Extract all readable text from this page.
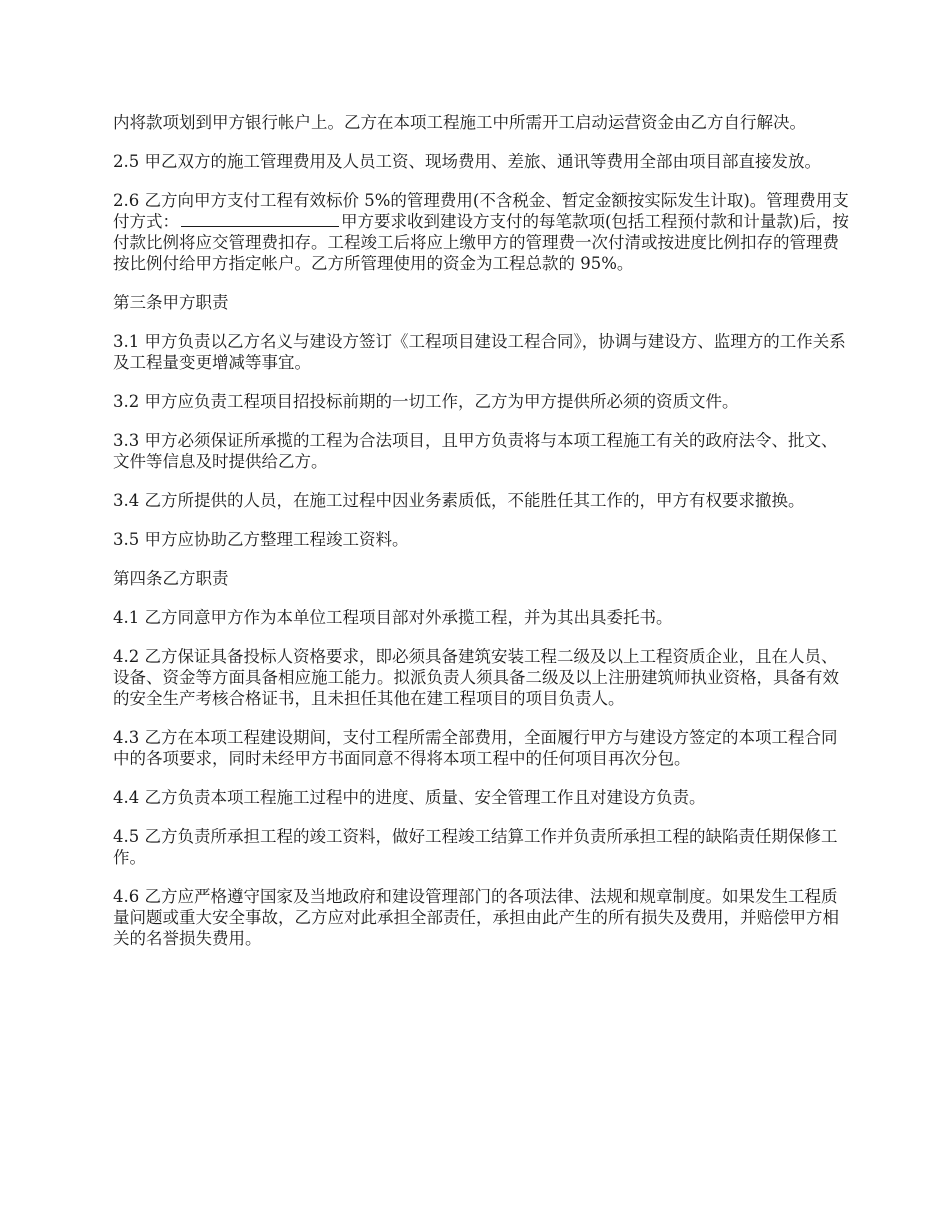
内将款项划到甲方银行帐户上。乙方在本项工程施工中所需开工启动运营资金由乙方自行解决。

2.5 甲乙双方的施工管理费用及人员工资、现场费用、差旅、通讯等费用全部由项目部直接发放。

2.6 乙方向甲方支付工程有效标价 5%的管理费用(不含税金、暂定金额按实际发生计取)。管理费用支付方式：	甲方要求收到建设方支付的每笔款项(包括工程预付款和计量款)后，按付款比例将应交管理费扣存。工程竣工后将应上缴甲方的管理费一次付清或按进度比例扣存的管理费按比例付给甲方指定帐户。乙方所管理使用的资金为工程总款的 95%。

第三条甲方职责

3.1 甲方负责以乙方名义与建设方签订《工程项目建设工程合同》，协调与建设方、监理方的工作关系及工程量变更增减等事宜。

3.2 甲方应负责工程项目招投标前期的一切工作，乙方为甲方提供所必须的资质文件。

3.3 甲方必须保证所承揽的工程为合法项目，且甲方负责将与本项工程施工有关的政府法令、批文、文件等信息及时提供给乙方。

3.4 乙方所提供的人员，在施工过程中因业务素质低，不能胜任其工作的，甲方有权要求撤换。

3.5 甲方应协助乙方整理工程竣工资料。

第四条乙方职责

4.1 乙方同意甲方作为本单位工程项目部对外承揽工程，并为其出具委托书。

4.2 乙方保证具备投标人资格要求，即必须具备建筑安装工程二级及以上工程资质企业，且在人员、设备、资金等方面具备相应施工能力。拟派负责人须具备二级及以上注册建筑师执业资格，具备有效的安全生产考核合格证书，且未担任其他在建工程项目的项目负责人。

4.3 乙方在本项工程建设期间，支付工程所需全部费用，全面履行甲方与建设方签定的本项工程合同中的各项要求，同时未经甲方书面同意不得将本项工程中的任何项目再次分包。

4.4 乙方负责本项工程施工过程中的进度、质量、安全管理工作且对建设方负责。

4.5 乙方负责所承担工程的竣工资料，做好工程竣工结算工作并负责所承担工程的缺陷责任期保修工作。

4.6 乙方应严格遵守国家及当地政府和建设管理部门的各项法律、法规和规章制度。如果发生工程质量问题或重大安全事故，乙方应对此承担全部责任，承担由此产生的所有损失及费用，并赔偿甲方相关的名誉损失费用。
